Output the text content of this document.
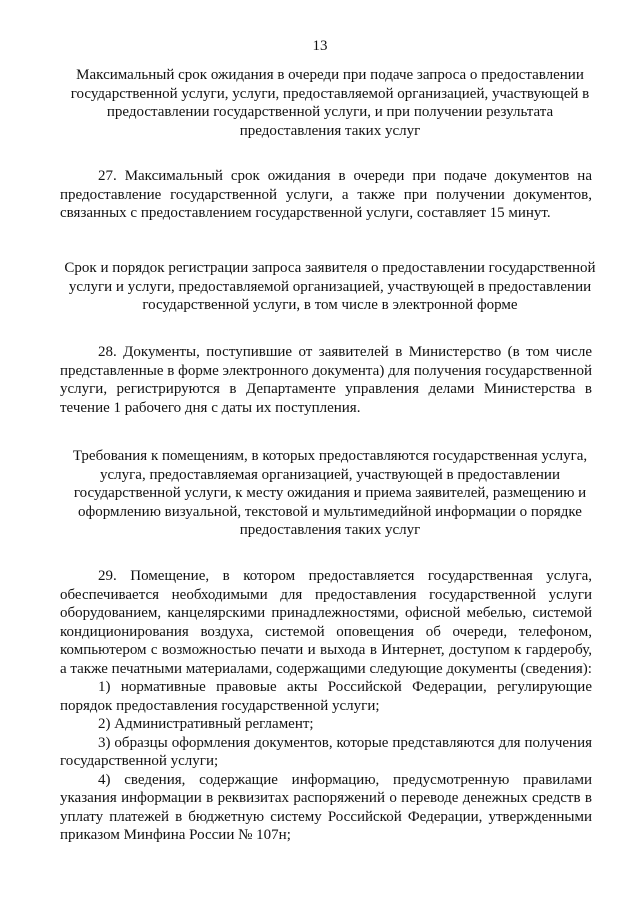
13
Максимальный срок ожидания в очереди при подаче запроса о предоставлении государственной услуги, услуги, предоставляемой организацией, участвующей в предоставлении государственной услуги, и при получении результата предоставления таких услуг

27. Максимальный срок ожидания в очереди при подаче документов на предоставление государственной услуги, а также при получении документов, связанных с предоставлением государственной услуги, составляет 15 минут.

Срок и порядок регистрации запроса заявителя о предоставлении государственной услуги и услуги, предоставляемой организацией, участвующей в предоставлении государственной услуги, в том числе в электронной форме

28. Документы, поступившие от заявителей в Министерство (в том числе представленные в форме электронного документа) для получения государственной услуги, регистрируются в Департаменте управления делами Министерства в течение 1 рабочего дня с даты их поступления.

Требования к помещениям, в которых предоставляются государственная услуга, услуга, предоставляемая организацией, участвующей в предоставлении государственной услуги, к месту ожидания и приема заявителей, размещению и оформлению визуальной, текстовой и мультимедийной информации о порядке предоставления таких услуг

29. Помещение, в котором предоставляется государственная услуга, обеспечивается необходимыми для предоставления государственной услуги оборудованием, канцелярскими принадлежностями, офисной мебелью, системой кондиционирования воздуха, системой оповещения об очереди, телефоном, компьютером с возможностью печати и выхода в Интернет, доступом к гардеробу, а также печатными материалами, содержащими следующие документы (сведения):

1) нормативные правовые акты Российской Федерации, регулирующие порядок предоставления государственной услуги;

2) Административный регламент;

3) образцы оформления документов, которые представляются для получения государственной услуги;

4) сведения, содержащие информацию, предусмотренную правилами указания информации в реквизитах распоряжений о переводе денежных средств в уплату платежей в бюджетную систему Российской Федерации, утвержденными приказом Минфина России № 107н;
